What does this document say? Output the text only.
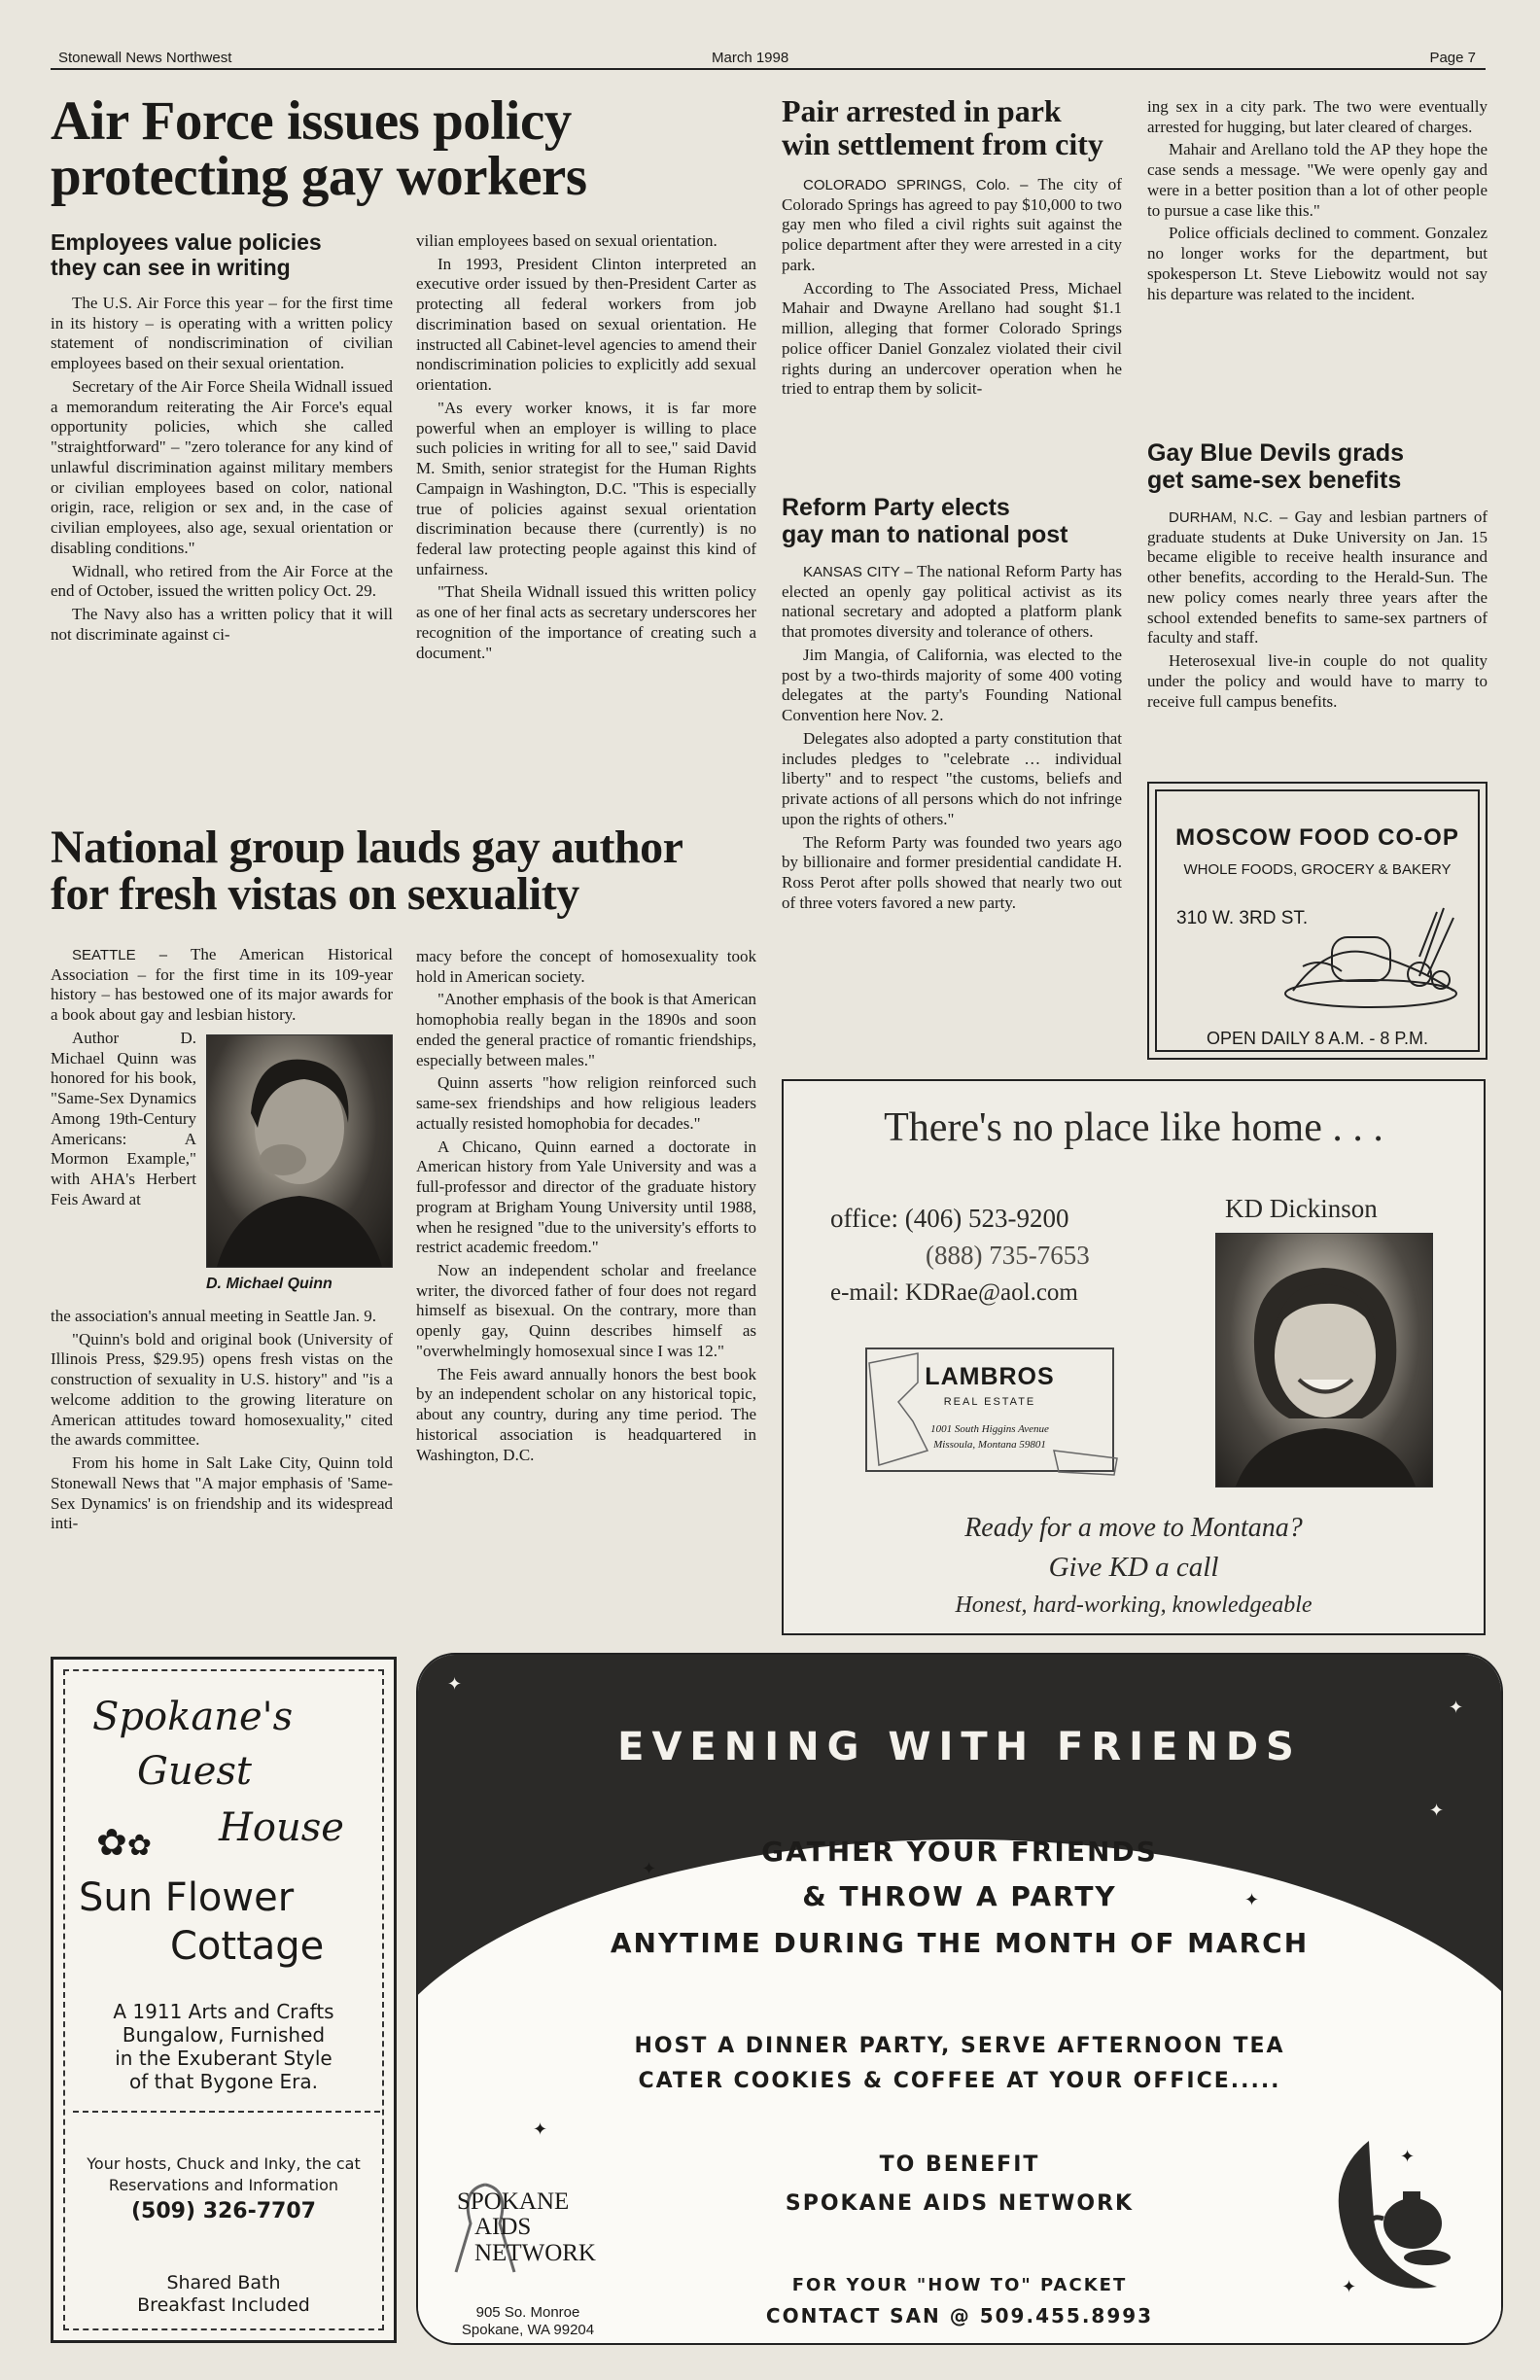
Stonewall News Northwest	March 1998	Page 7
Air Force issues policy
protecting gay workers
Employees value policies
they can see in writing

The U.S. Air Force this year – for the first time in its history – is operating with a written policy statement of nondiscrimination of civilian employees based on their sexual orientation.

Secretary of the Air Force Sheila Widnall issued a memorandum reiterating the Air Force's equal opportunity policies, which she called "straightforward" – "zero tolerance for any kind of unlawful discrimination against military members or civilian employees based on color, national origin, race, religion or sex and, in the case of civilian employees, also age, sexual orientation or disabling conditions."

Widnall, who retired from the Air Force at the end of October, issued the written policy Oct. 29.

The Navy also has a written policy that it will not discriminate against ci-

vilian employees based on sexual orientation.

In 1993, President Clinton interpreted an executive order issued by then-President Carter as protecting all federal workers from job discrimination based on sexual orientation. He instructed all Cabinet-level agencies to amend their nondiscrimination policies to explicitly add sexual orientation.

"As every worker knows, it is far more powerful when an employer is willing to place such policies in writing for all to see," said David M. Smith, senior strategist for the Human Rights Campaign in Washington, D.C. "This is especially true of policies against sexual orientation discrimination because there (currently) is no federal law protecting people against this kind of unfairness.

"That Sheila Widnall issued this written policy as one of her final acts as secretary underscores her recognition of the importance of creating such a document."

Pair arrested in park
win settlement from city

COLORADO SPRINGS, Colo. – The city of Colorado Springs has agreed to pay $10,000 to two gay men who filed a civil rights suit against the police department after they were arrested in a city park.

According to The Associated Press, Michael Mahair and Dwayne Arellano had sought $1.1 million, alleging that former Colorado Springs police officer Daniel Gonzalez violated their civil rights during an undercover operation when he tried to entrap them by solicit-

ing sex in a city park. The two were eventually arrested for hugging, but later cleared of charges.

Mahair and Arellano told the AP they hope the case sends a message. "We were openly gay and were in a better position than a lot of other people to pursue a case like this."

Police officials declined to comment. Gonzalez no longer works for the department, but spokesperson Lt. Steve Liebowitz would not say his departure was related to the incident.

Reform Party elects
gay man to national post

KANSAS CITY – The national Reform Party has elected an openly gay political activist as its national secretary and adopted a platform plank that promotes diversity and tolerance of others.

Jim Mangia, of California, was elected to the post by a two-thirds majority of some 400 voting delegates at the party's Founding National Convention here Nov. 2.

Delegates also adopted a party constitution that includes pledges to "celebrate … individual liberty" and to respect "the customs, beliefs and private actions of all persons which do not infringe upon the rights of others."

The Reform Party was founded two years ago by billionaire and former presidential candidate H. Ross Perot after polls showed that nearly two out of three voters favored a new party.

Gay Blue Devils grads
get same-sex benefits

DURHAM, N.C. – Gay and lesbian partners of graduate students at Duke University on Jan. 15 became eligible to receive health insurance and other benefits, according to the Herald-Sun. The new policy comes nearly three years after the school extended benefits to same-sex partners of faculty and staff.

Heterosexual live-in couple do not quality under the policy and would have to marry to receive full campus benefits.

MOSCOW FOOD CO-OP
WHOLE FOODS, GROCERY & BAKERY
310 W. 3RD ST.
OPEN DAILY 8 A.M. - 8 P.M.
National group lauds gay author
for fresh vistas on sexuality

SEATTLE – The American Historical Association – for the first time in its 109-year history – has bestowed one of its major awards for a book about gay and lesbian history.

Author D. Michael Quinn was honored for his book, "Same-Sex Dynamics Among 19th-Century Americans: A Mormon Example," with AHA's Herbert Feis Award at

D. Michael Quinn

the association's annual meeting in Seattle Jan. 9.

"Quinn's bold and original book (University of Illinois Press, $29.95) opens fresh vistas on the construction of sexuality in U.S. history" and "is a welcome addition to the growing literature on American attitudes toward homosexuality," cited the awards committee.

From his home in Salt Lake City, Quinn told Stonewall News that "A major emphasis of 'Same-Sex Dynamics' is on friendship and its widespread inti-

macy before the concept of homosexuality took hold in American society.

"Another emphasis of the book is that American homophobia really began in the 1890s and soon ended the general practice of romantic friendships, especially between males."

Quinn asserts "how religion reinforced such same-sex friendships and how religious leaders actually resisted homophobia for decades."

A Chicano, Quinn earned a doctorate in American history from Yale University and was a full-professor and director of the graduate history program at Brigham Young University until 1988, when he resigned "due to the university's efforts to restrict academic freedom."

Now an independent scholar and freelance writer, the divorced father of four does not regard himself as bisexual. On the contrary, more than openly gay, Quinn describes himself as "overwhelmingly homosexual since I was 12."

The Feis award annually honors the best book by an independent scholar on any historical topic, about any country, during any time period. The historical association is headquartered in Washington, D.C.

There's no place like home . . .
office: (406) 523-9200
(888) 735-7653
e-mail: KDRae@aol.com
KD Dickinson
LAMBROS
REAL ESTATE
1001 South Higgins Avenue
Missoula, Montana 59801
Ready for a move to Montana?
Give KD a call
Honest, hard-working, knowledgeable
Spokane's
Guest
✿✿ House
Sun Flower
Cottage
A 1911 Arts and Crafts
Bungalow, Furnished
in the Exuberant Style
of that Bygone Era.
Your hosts, Chuck and Inky, the cat
Reservations and Information
(509) 326-7707
Shared Bath
Breakfast Included
EVENING WITH FRIENDS
✦
✦
✦
✦
✦
✦
GATHER YOUR FRIENDS
& THROW A PARTY
ANYTIME DURING THE MONTH OF MARCH
HOST A DINNER PARTY, SERVE AFTERNOON TEA
CATER COOKIES & COFFEE AT YOUR OFFICE.....
TO BENEFIT
SPOKANE AIDS NETWORK
FOR YOUR "HOW TO" PACKET
CONTACT SAN @ 509.455.8993
SPOKANE
AIDS
NETWORK
905 So. Monroe
Spokane, WA 99204
✦
✦
